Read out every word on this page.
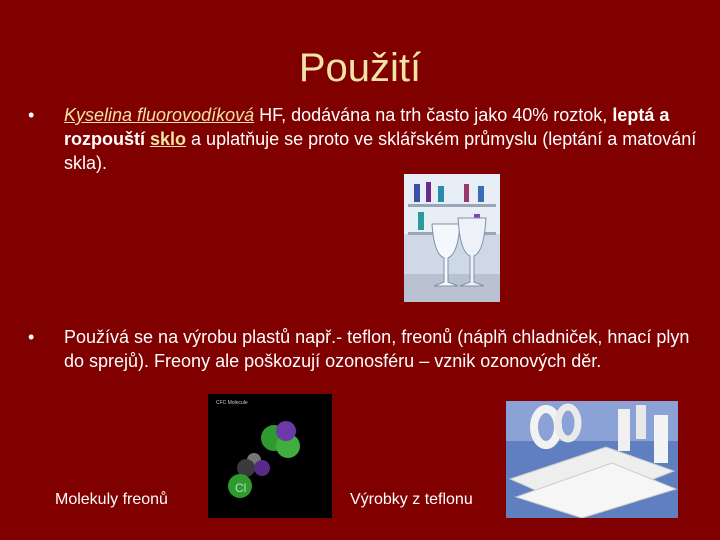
Použití
• Kyselina fluorovodíková HF, dodávána na trh často jako 40% roztok, leptá a rozpouští sklo a uplatňuje se proto ve sklářském průmyslu (leptání a matování skla).
• Používá se na výrobu plastů např.- teflon, freonů (náplň chladniček, hnací plyn do sprejů). Freony ale poškozují ozonosféru – vznik ozonových děr.
CFC Molecule
Cl
Molekuly freonů	Výrobky z teflonu
